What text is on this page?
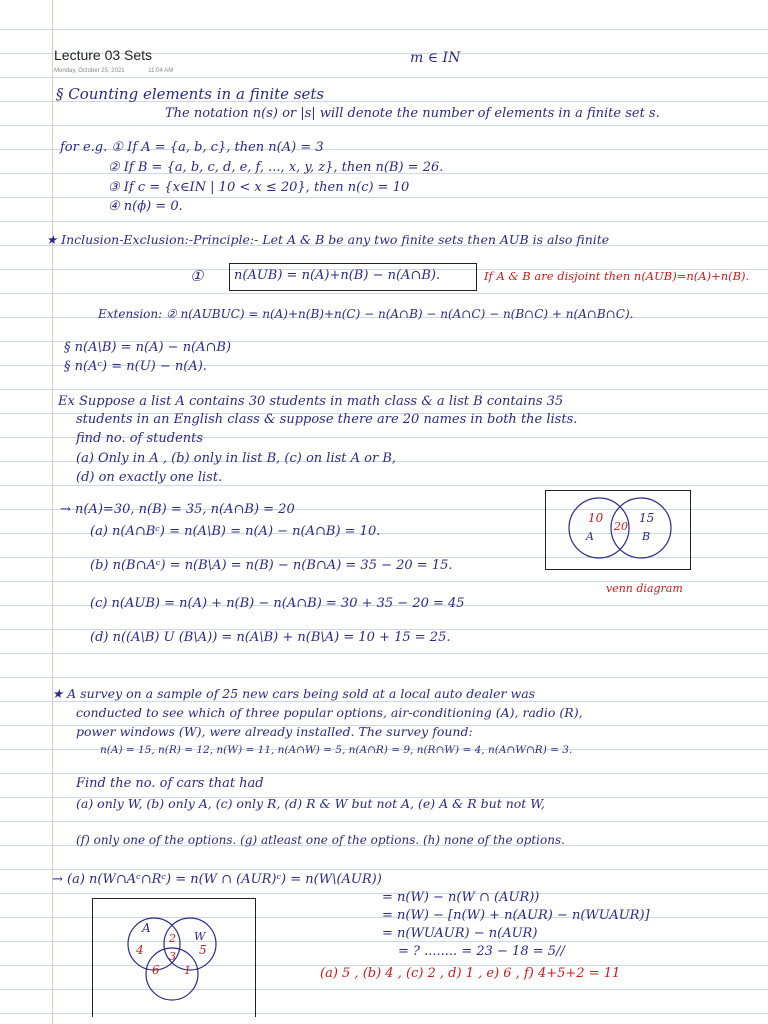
Lecture 03 Sets
Monday, October 25, 2021	11:04 AM
m ∈ IN
§ Counting elements in a finite sets
The notation n(s) or |s| will denote the number of elements in a finite set s.
for e.g. ① If A = {a, b, c}, then n(A) = 3
② If B = {a, b, c, d, e, f, ..., x, y, z}, then n(B) = 26.
③ If c = {x∈IN | 10 < x ≤ 20}, then n(c) = 10
④ n(ϕ) = 0.
★ Inclusion-Exclusion:-Principle:- Let A & B be any two finite sets then AUB is also finite
① n(AUB) = n(A)+n(B) − n(A∩B).	If A & B are disjoint then n(AUB)=n(A)+n(B).
Extension: ② n(AUBUC) = n(A)+n(B)+n(C) − n(A∩B) − n(A∩C) − n(B∩C) + n(A∩B∩C).
§ n(A\B) = n(A) − n(A∩B)
§ n(Aᶜ) = n(U) − n(A).
Ex Suppose a list A contains 30 students in math class & a list B contains 35
students in an English class & suppose there are 20 names in both the lists.
find no. of students
(a) Only in A , (b) only in list B, (c) on list A or B,
(d) on exactly one list.
→ n(A)=30, n(B) = 35, n(A∩B) = 20
(a) n(A∩Bᶜ) = n(A\B) = n(A) − n(A∩B) = 10.
(b) n(B∩Aᶜ) = n(B\A) = n(B) − n(B∩A) = 35 − 20 = 15.
(c) n(AUB) = n(A) + n(B) − n(A∩B) = 30 + 35 − 20 = 45
(d) n((A\B) U (B\A)) = n(A\B) + n(B\A) = 10 + 15 = 25.
10
20
15
A	B
venn diagram
★ A survey on a sample of 25 new cars being sold at a local auto dealer was
conducted to see which of three popular options, air-conditioning (A), radio (R),
power windows (W), were already installed. The survey found:
n(A) = 15, n(R) = 12, n(W) = 11, n(A∩W) = 5, n(A∩R) = 9, n(R∩W) = 4, n(A∩W∩R) = 3.
Find the no. of cars that had
(a) only W, (b) only A, (c) only R, (d) R & W but not A, (e) A & R but not W,
(f) only one of the options. (g) atleast one of the options. (h) none of the options.
→ (a) n(W∩Aᶜ∩Rᶜ) = n(W ∩ (AUR)ᶜ) = n(W\(AUR))
= n(W) − n(W ∩ (AUR))
= n(W) − [n(W) + n(AUR) − n(WUAUR)]
= n(WUAUR) − n(AUR)
= ? ........ = 23 − 18 = 5//
(a) 5 , (b) 4 , (c) 2 , d) 1 , e) 6 , f) 4+5+2 = 11
A
W
4
2
5
3
6 1
